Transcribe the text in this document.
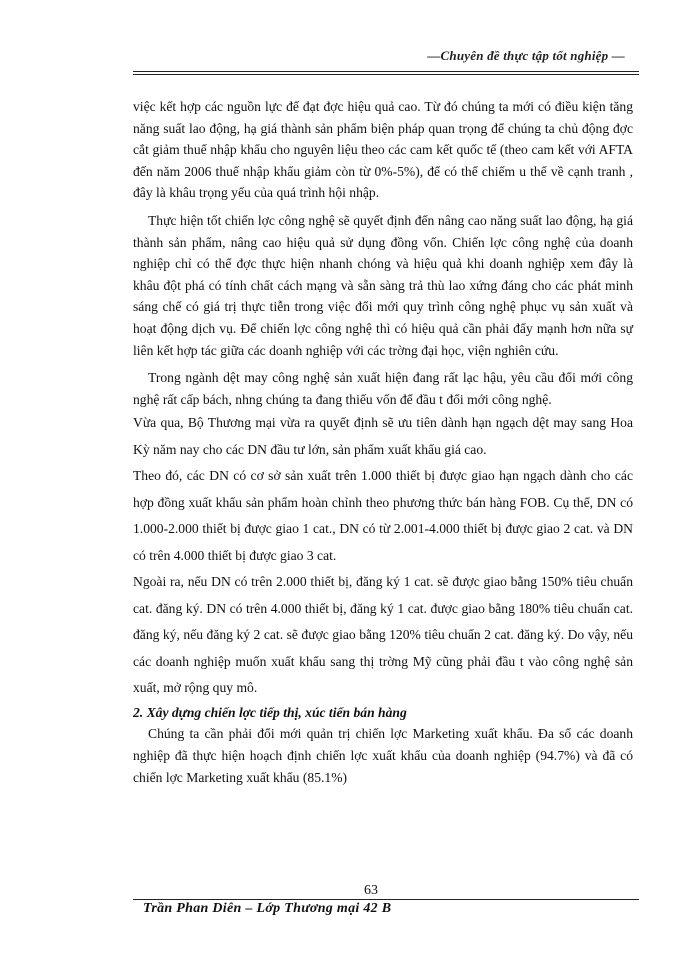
—Chuyên đề thực tập tốt nghiệp —

việc kết hợp các nguồn lực để đạt đợc hiệu quả cao. Từ đó chúng ta mới có điều kiện tăng năng suất lao động, hạ giá thành sản phẩm biện pháp quan trọng để chúng ta chủ động đợc cắt giảm thuế nhập khẩu cho nguyên liệu theo các cam kết quốc tế (theo cam kết với AFTA đến năm 2006 thuế nhập khẩu giảm còn từ 0%-5%), để có thể chiếm u thế về cạnh tranh , đây là khâu trọng yếu của quá trình hội nhập.

Thực hiện tốt chiến lợc công nghệ sẽ quyết định đến nâng cao năng suất lao động, hạ giá thành sản phẩm, nâng cao hiệu quả sử dụng đồng vốn. Chiến lợc công nghệ của doanh nghiệp chỉ có thể đợc thực hiện nhanh chóng và hiệu quả khi doanh nghiệp xem đây là khâu đột phá có tính chất cách mạng và sẵn sàng trả thù lao xứng đáng cho các phát minh sáng chế có giá trị thực tiễn trong việc đổi mới quy trình công nghệ phục vụ sản xuất và hoạt động dịch vụ. Để chiến lợc công nghệ thì có hiệu quả cần phải đẩy mạnh hơn nữa sự liên kết hợp tác giữa các doanh nghiệp với các trờng đại học, viện nghiên cứu.

Trong ngành dệt may công nghệ sản xuất hiện đang rất lạc hậu, yêu cầu đổi mới công nghệ rất cấp bách, nhng chúng ta đang thiếu vốn để đầu t đổi mới công nghệ.

Vừa qua, Bộ Thương mại vừa ra quyết định sẽ ưu tiên dành hạn ngạch dệt may sang Hoa Kỳ năm nay cho các DN đầu tư lớn, sản phẩm xuất khẩu giá cao.

Theo đó, các DN có cơ sở sản xuất trên 1.000 thiết bị được giao hạn ngạch dành cho các hợp đồng xuất khẩu sản phẩm hoàn chỉnh theo phương thức bán hàng FOB. Cụ thể, DN có 1.000-2.000 thiết bị được giao 1 cat., DN có từ 2.001-4.000 thiết bị được giao 2 cat. và DN có trên 4.000 thiết bị được giao 3 cat.

Ngoài ra, nếu DN có trên 2.000 thiết bị, đăng ký 1 cat. sẽ được giao bằng 150% tiêu chuẩn cat. đăng ký. DN có trên 4.000 thiết bị, đăng ký 1 cat. được giao bằng 180% tiêu chuẩn cat. đăng ký, nếu đăng ký 2 cat. sẽ được giao bằng 120% tiêu chuẩn 2 cat. đăng ký. Do vậy, nếu các doanh nghiệp muốn xuất khẩu sang thị trờng Mỹ cũng phải đầu t vào công nghệ sản xuất, mở rộng quy mô.

2. Xây dựng chiến lợc tiếp thị, xúc tiến bán hàng

Chúng ta cần phải đổi mới quản trị chiến lợc Marketing xuất khẩu. Đa số các doanh nghiệp đã thực hiện hoạch định chiến lợc xuất khẩu của doanh nghiệp (94.7%) và đã có chiến lợc Marketing xuất khẩu (85.1%)

63
Trần Phan Diên – Lớp Thương mại 42 B
